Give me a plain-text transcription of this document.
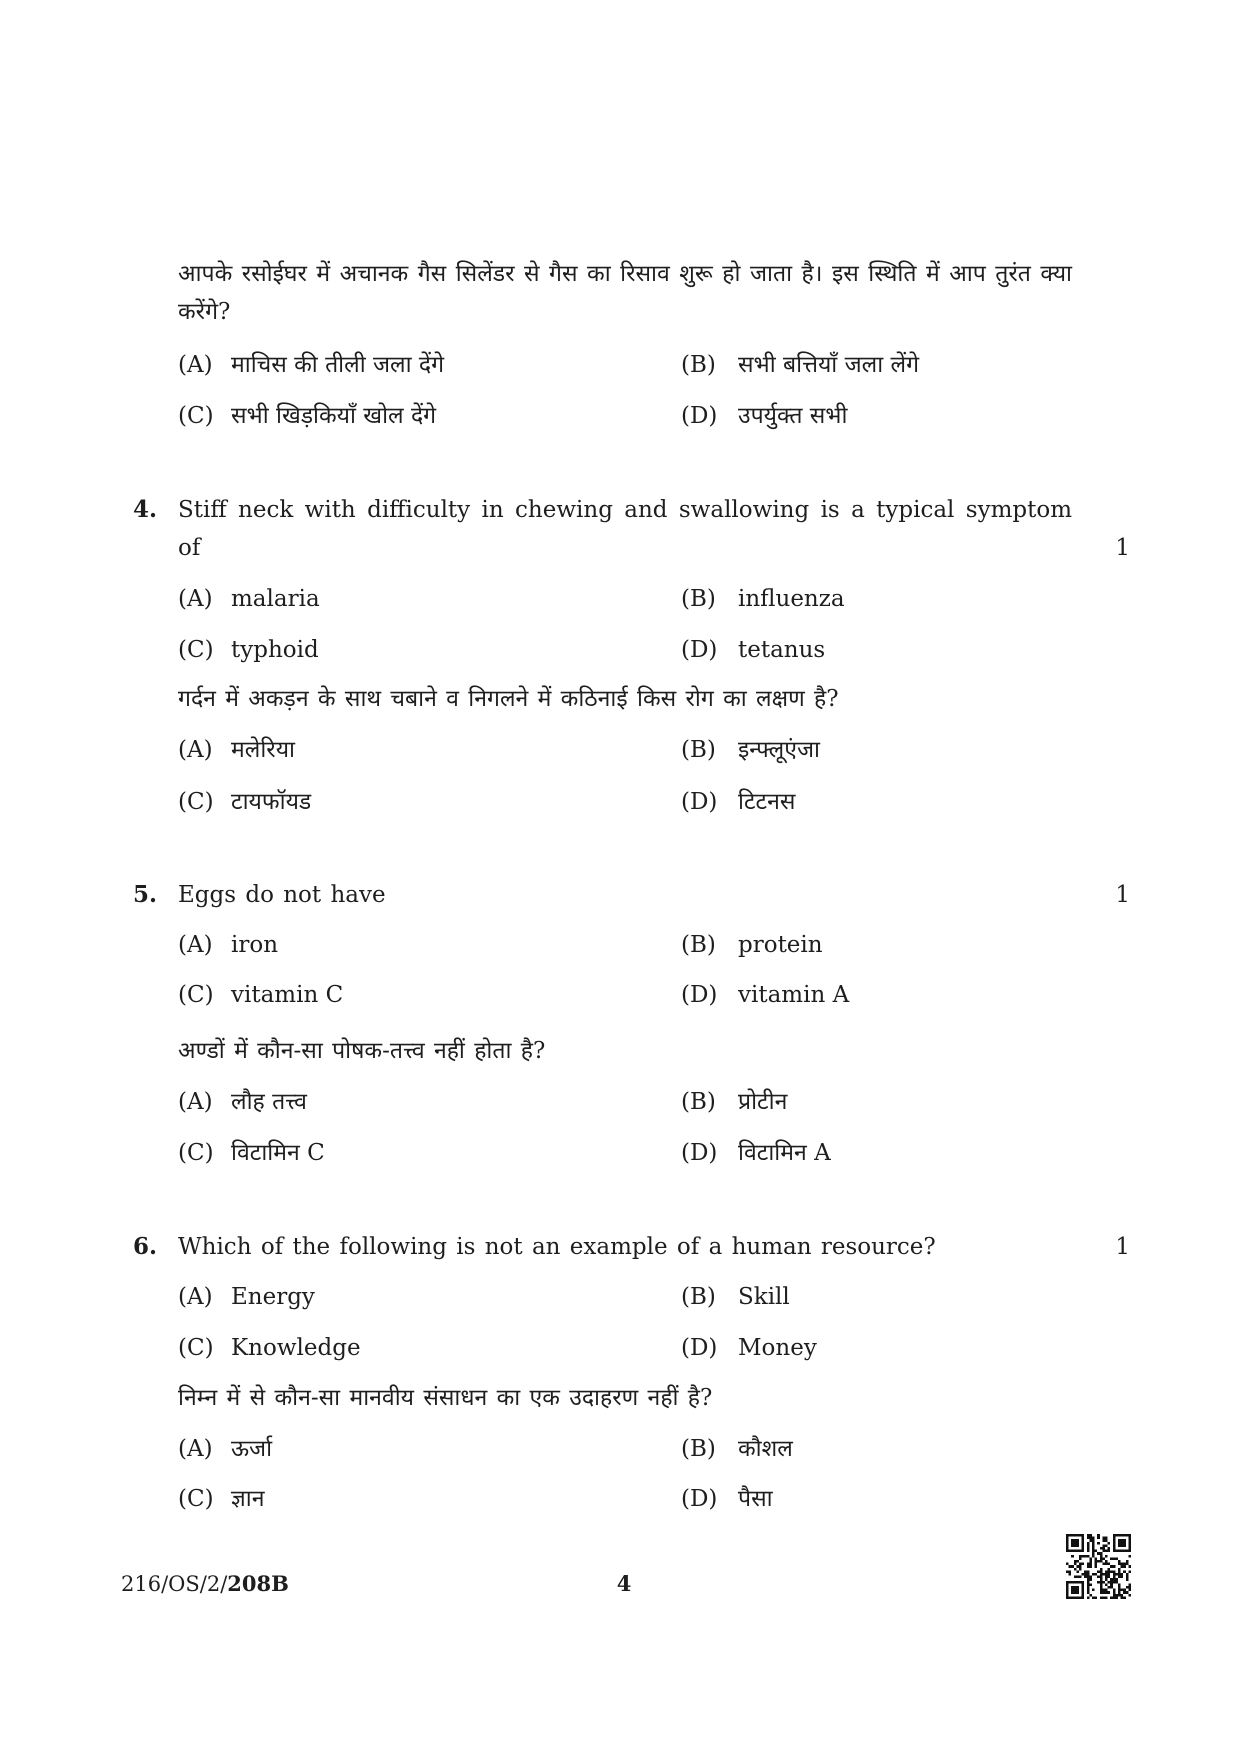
आपके रसोईघर में अचानक गैस सिलेंडर से गैस का रिसाव शुरू हो जाता है। इस स्थिति में आप तुरंत क्या करेंगे?
(A) माचिस की तीली जला देंगे	(B) सभी बत्तियाँ जला लेंगे
(C) सभी खिड़कियाँ खोल देंगे	(D) उपर्युक्त सभी
4. Stiff neck with difficulty in chewing and swallowing is a typical symptom of	1
(A) malaria	(B) influenza
(C) typhoid	(D) tetanus
गर्दन में अकड़न के साथ चबाने व निगलने में कठिनाई किस रोग का लक्षण है?
(A) मलेरिया	(B) इन्फ्लूएंजा
(C) टायफॉयड	(D) टिटनस
5. Eggs do not have	1
(A) iron	(B) protein
(C) vitamin C	(D) vitamin A
अण्डों में कौन-सा पोषक-तत्त्व नहीं होता है?
(A) लौह तत्त्व	(B) प्रोटीन
(C) विटामिन C	(D) विटामिन A
6. Which of the following is not an example of a human resource?	1
(A) Energy	(B) Skill
(C) Knowledge	(D) Money
निम्न में से कौन-सा मानवीय संसाधन का एक उदाहरण नहीं है?
(A) ऊर्जा	(B) कौशल
(C) ज्ञान	(D) पैसा
216/OS/2/208B	4
